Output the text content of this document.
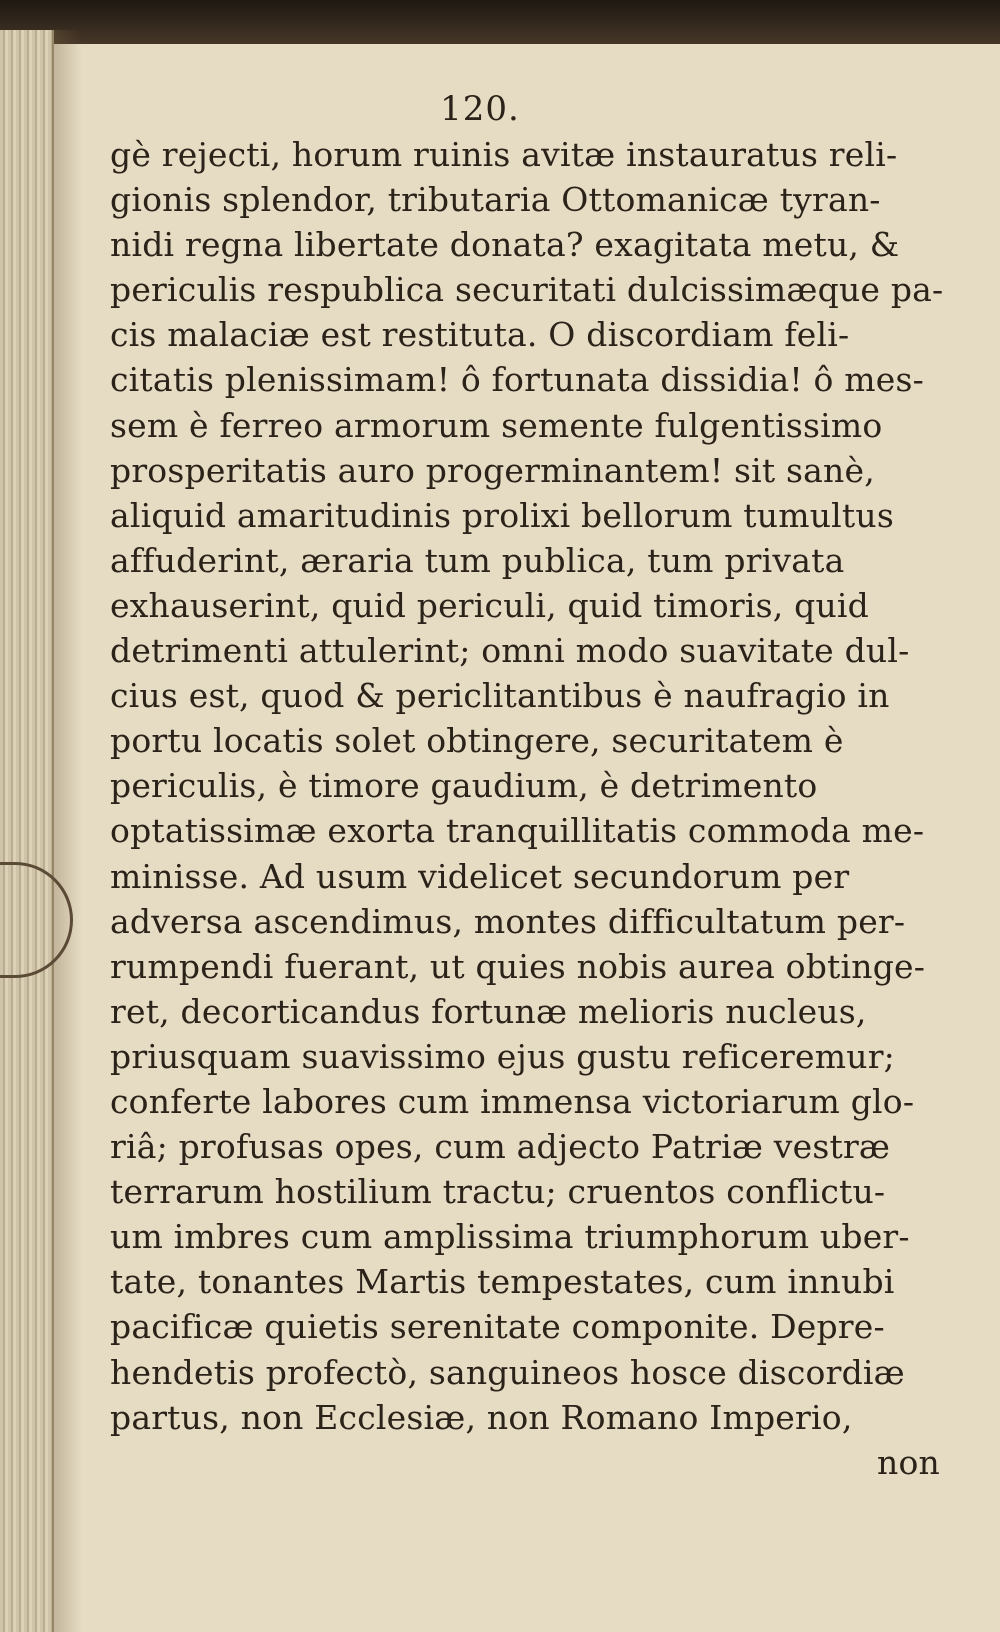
120.
gè rejecti, horum ruinis avitæ instauratus reli-
gionis splendor, tributaria Ottomanicæ tyran-
nidi regna libertate donata? exagitata metu, &
periculis respublica securitati dulcissimæque pa-
cis malaciæ est restituta. O discordiam feli-
citatis plenissimam! ô fortunata dissidia! ô mes-
sem è ferreo armorum semente fulgentissimo
prosperitatis auro progerminantem! sit sanè,
aliquid amaritudinis prolixi bellorum tumultus
affuderint, æraria tum publica, tum privata
exhauserint, quid periculi, quid timoris, quid
detrimenti attulerint; omni modo suavitate dul-
cius est, quod & periclitantibus è naufragio in
portu locatis solet obtingere, securitatem è
periculis, è timore gaudium, è detrimento
optatissimæ exorta tranquillitatis commoda me-
minisse. Ad usum videlicet secundorum per
adversa ascendimus, montes difficultatum per-
rumpendi fuerant, ut quies nobis aurea obtinge-
ret, decorticandus fortunæ melioris nucleus,
priusquam suavissimo ejus gustu reficeremur;
conferte labores cum immensa victoriarum glo-
riâ; profusas opes, cum adjecto Patriæ vestræ
terrarum hostilium tractu; cruentos conflictu-
um imbres cum amplissima triumphorum uber-
tate, tonantes Martis tempestates, cum innubi
pacificæ quietis serenitate componite. Depre-
hendetis profectò, sanguineos hosce discordiæ
partus, non Ecclesiæ, non Romano Imperio,
non
